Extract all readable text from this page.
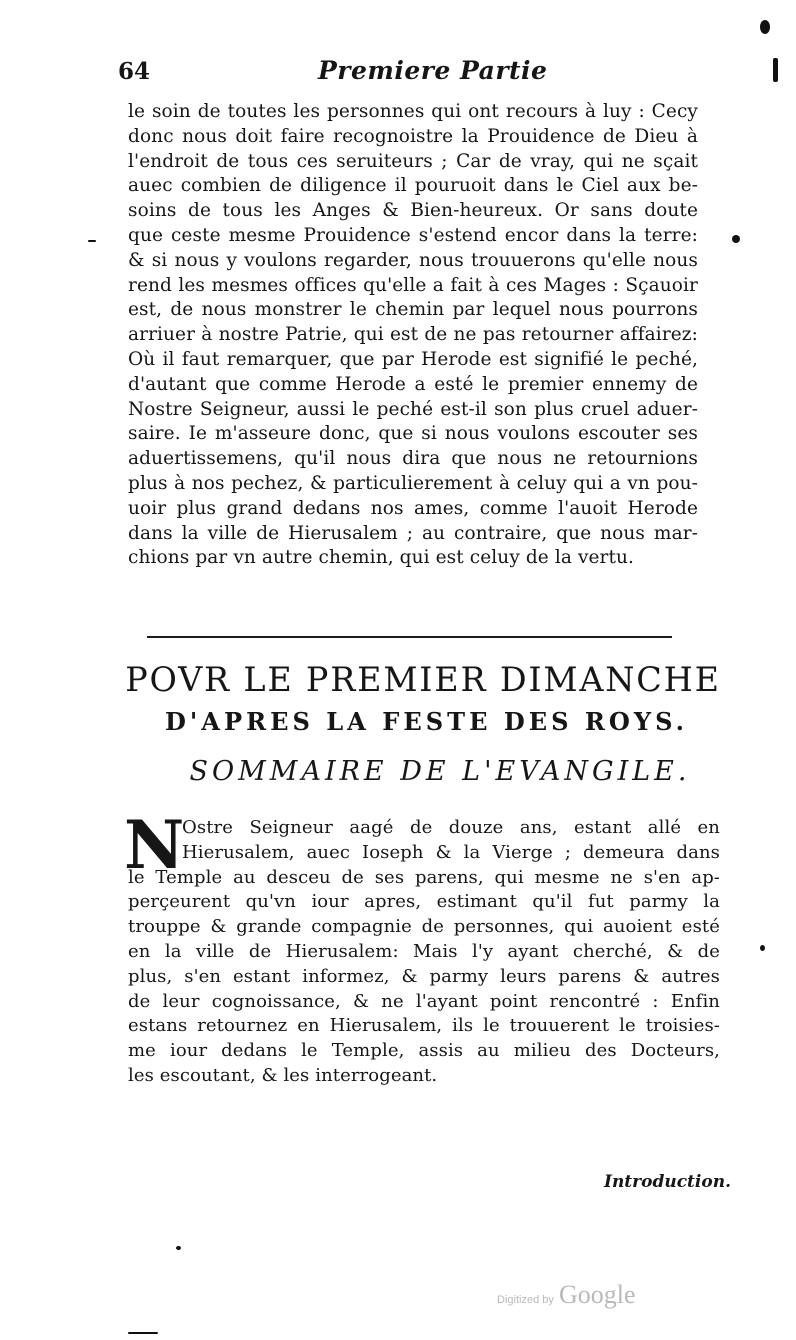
64	Premiere Partie
le soin de toutes les personnes qui ont recours à luy : Cecy
donc nous doit faire recognoistre la Prouidence de Dieu à
l'endroit de tous ces seruiteurs ; Car de vray, qui ne sçait
auec combien de diligence il pouruoit dans le Ciel aux be-
soins de tous les Anges & Bien-heureux. Or sans doute
que ceste mesme Prouidence s'estend encor dans la terre:
& si nous y voulons regarder, nous trouuerons qu'elle nous
rend les mesmes offices qu'elle a fait à ces Mages : Sçauoir
est, de nous monstrer le chemin par lequel nous pourrons
arriuer à nostre Patrie, qui est de ne pas retourner affairez:
Où il faut remarquer, que par Herode est signifié le peché,
d'autant que comme Herode a esté le premier ennemy de
Nostre Seigneur, aussi le peché est-il son plus cruel aduer-
saire. Ie m'asseure donc, que si nous voulons escouter ses
aduertissemens, qu'il nous dira que nous ne retournions
plus à nos pechez, & particulierement à celuy qui a vn pou-
uoir plus grand dedans nos ames, comme l'auoit Herode
dans la ville de Hierusalem ; au contraire, que nous mar-
chions par vn autre chemin, qui est celuy de la vertu.
POVR LE PREMIER DIMANCHE
D'APRES LA FESTE DES ROYS.
SOMMAIRE DE L'EVANGILE.
N
Ostre Seigneur aagé de douze ans, estant allé en
Hierusalem, auec Ioseph & la Vierge ; demeura dans
le Temple au desceu de ses parens, qui mesme ne s'en ap-
perçeurent qu'vn iour apres, estimant qu'il fut parmy la
trouppe & grande compagnie de personnes, qui auoient esté
en la ville de Hierusalem: Mais l'y ayant cherché, & de
plus, s'en estant informez, & parmy leurs parens & autres
de leur cognoissance, & ne l'ayant point rencontré : Enfin
estans retournez en Hierusalem, ils le trouuerent le troisies-
me iour dedans le Temple, assis au milieu des Docteurs,
les escoutant, & les interrogeant.
Introduction.
Digitized by Google
